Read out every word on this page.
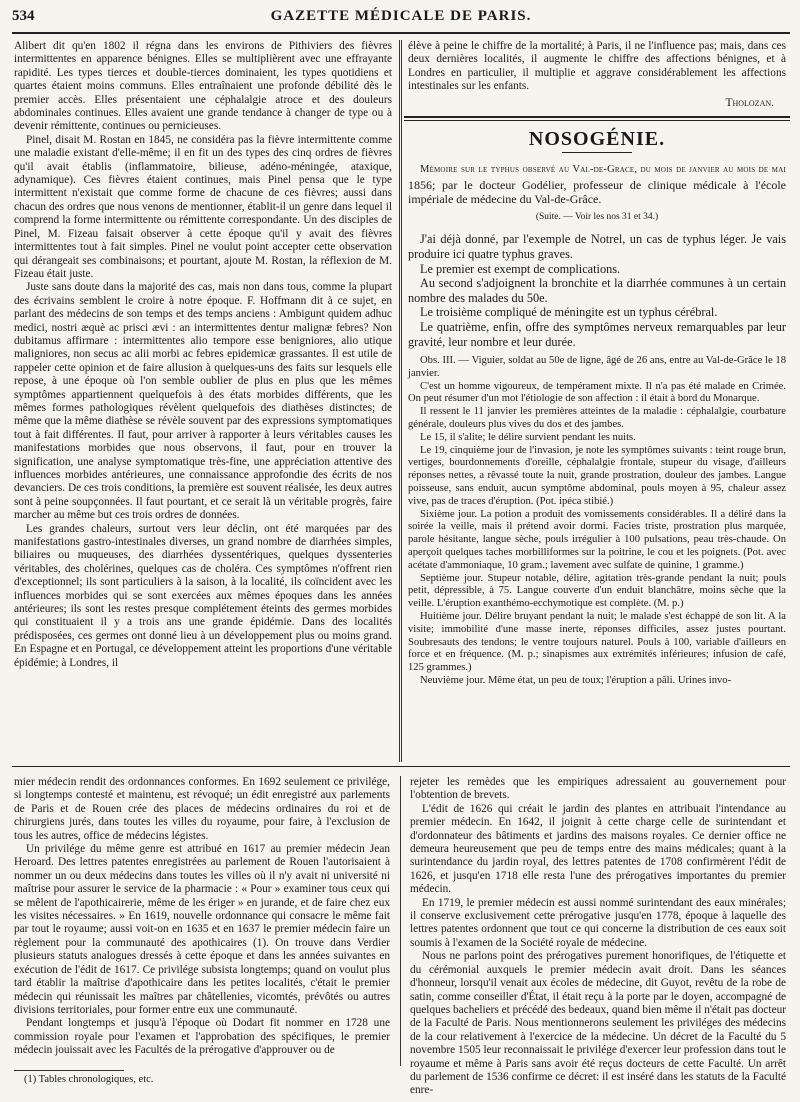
534	GAZETTE MÉDICALE DE PARIS.

Alibert dit qu'en 1802 il régna dans les environs de Pithiviers des fièvres intermittentes en apparence bénignes. Elles se multiplièrent avec une effrayante rapidité. Les types tierces et double-tierces dominaient, les types quotidiens et quartes étaient moins communs. Elles entraînaient une profonde débilité dès le premier accès. Elles présentaient une céphalalgie atroce et des douleurs abdominales continues. Elles avaient une grande tendance à changer de type ou à devenir rémittente, continues ou pernicieuses.

Pinel, disait M. Rostan en 1845, ne considéra pas la fièvre intermittente comme une maladie existant d'elle-même; il en fit un des types des cinq ordres de fièvres qu'il avait établis (inflammatoire, bilieuse, adéno-méningée, ataxique, adynamique). Ces fièvres étaient continues, mais Pinel pensa que le type intermittent n'existait que comme forme de chacune de ces fièvres; aussi dans chacun des ordres que nous venons de mentionner, établit-il un genre dans lequel il comprend la forme intermittente ou rémittente correspondante. Un des disciples de Pinel, M. Fizeau faisait observer à cette époque qu'il y avait des fièvres intermittentes tout à fait simples. Pinel ne voulut point accepter cette observation qui dérangeait ses combinaisons; et pourtant, ajoute M. Rostan, la réflexion de M. Fizeau était juste.

Juste sans doute dans la majorité des cas, mais non dans tous, comme la plupart des écrivains semblent le croire à notre époque. F. Hoffmann dit à ce sujet, en parlant des médecins de son temps et des temps anciens : Ambigunt quidem adhuc medici, nostri æquè ac prisci ævi : an intermittentes dentur malignæ febres? Non dubitamus affirmare : intermittentes alio tempore esse benigniores, alio utique maligniores, non secus ac alii morbi ac febres epidemicæ grassantes. Il est utile de rappeler cette opinion et de faire allusion à quelques-uns des faits sur lesquels elle repose, à une époque où l'on semble oublier de plus en plus que les mêmes symptômes appartiennent quelquefois à des états morbides différents, que les mêmes formes pathologiques révèlent quelquefois des diathèses distinctes; de même que la même diathèse se révèle souvent par des expressions symptomatiques tout à fait différentes. Il faut, pour arriver à rapporter à leurs véritables causes les manifestations morbides que nous observons, il faut, pour en trouver la signification, une analyse symptomatique très-fine, une appréciation attentive des influences morbides antérieures, une connaissance approfondie des écrits de nos devanciers. De ces trois conditions, la première est souvent réalisée, les deux autres sont à peine soupçonnées. Il faut pourtant, et ce serait là un véritable progrès, faire marcher au même but ces trois ordres de données.

Les grandes chaleurs, surtout vers leur déclin, ont été marquées par des manifestations gastro-intestinales diverses, un grand nombre de diarrhées simples, biliaires ou muqueuses, des diarrhées dyssentériques, quelques dyssenteries véritables, des cholérines, quelques cas de choléra. Ces symptômes n'offrent rien d'exceptionnel; ils sont particuliers à la saison, à la localité, ils coïncident avec les influences morbides qui se sont exercées aux mêmes époques dans les années antérieures; ils sont les restes presque complétement éteints des germes morbides qui constituaient il y a trois ans une grande épidémie. Dans des localités prédisposées, ces germes ont donné lieu à un développement plus ou moins grand. En Espagne et en Portugal, ce développement atteint les proportions d'une véritable épidémie; à Londres, il

élève à peine le chiffre de la mortalité; à Paris, il ne l'influence pas; mais, dans ces deux dernières localités, il augmente le chiffre des affections bénignes, et à Londres en particulier, il multiplie et aggrave considérablement les affections intestinales sur les enfants.

Tholozan.
NOSOGÉNIE.
Mémoire sur le typhus observé au Val-de-Grace, du mois de janvier au mois de mai 1856; par le docteur Godélier, professeur de clinique médicale à l'école impériale de médecine du Val-de-Grâce.
(Suite. — Voir les nos 31 et 34.)

J'ai déjà donné, par l'exemple de Notrel, un cas de typhus léger. Je vais produire ici quatre typhus graves.

Le premier est exempt de complications.

Au second s'adjoignent la bronchite et la diarrhée communes à un certain nombre des malades du 50e.

Le troisième compliqué de méningite est un typhus cérébral.

Le quatrième, enfin, offre des symptômes nerveux remarquables par leur gravité, leur nombre et leur durée.

Obs. III. — Viguier, soldat au 50e de ligne, âgé de 26 ans, entre au Val-de-Grâce le 18 janvier.

C'est un homme vigoureux, de tempérament mixte. Il n'a pas été malade en Crimée. On peut résumer d'un mot l'étiologie de son affection : il était à bord du Monarque.

Il ressent le 11 janvier les premières atteintes de la maladie : céphalalgie, courbature générale, douleurs plus vives du dos et des jambes.

Le 15, il s'alite; le délire survient pendant les nuits.

Le 19, cinquième jour de l'invasion, je note les symptômes suivants : teint rouge brun, vertiges, bourdonnements d'oreille, céphalalgie frontale, stupeur du visage, d'ailleurs réponses nettes, a rêvassé toute la nuit, grande prostration, douleur des jambes. Langue poisseuse, sans enduit, aucun symptôme abdominal, pouls moyen à 95, chaleur assez vive, pas de traces d'éruption. (Pot. ipéca stibié.)

Sixième jour. La potion a produit des vomissements considérables. Il a déliré dans la soirée la veille, mais il prétend avoir dormi. Facies triste, prostration plus marquée, parole hésitante, langue sèche, pouls irrégulier à 100 pulsations, peau très-chaude. On aperçoit quelques taches morbilliformes sur la poitrine, le cou et les poignets. (Pot. avec acétate d'ammoniaque, 10 gram.; lavement avec sulfate de quinine, 1 gramme.)

Septième jour. Stupeur notable, délire, agitation très-grande pendant la nuit; pouls petit, dépressible, à 75. Langue couverte d'un enduit blanchâtre, moins sèche que la veille. L'éruption exanthémo-ecchymotique est complète. (M. p.)

Huitième jour. Délire bruyant pendant la nuit; le malade s'est échappé de son lit. A la visite; immobilité d'une masse inerte, réponses difficiles, assez justes pourtant. Soubresauts des tendons; le ventre toujours naturel. Pouls à 100, variable d'ailleurs en force et en fréquence. (M. p.; sinapismes aux extrémités inférieures; infusion de café, 125 grammes.)

Neuvième jour. Même état, un peu de toux; l'éruption a pâli. Urines invo-

mier médecin rendit des ordonnances conformes. En 1692 seulement ce privilége, si longtemps contesté et maintenu, est révoqué; un édit enregistré aux parlements de Paris et de Rouen crée des places de médecins ordinaires du roi et de chirurgiens jurés, dans toutes les villes du royaume, pour faire, à l'exclusion de tous les autres, office de médecins légistes.

Un privilége du même genre est attribué en 1617 au premier médecin Jean Heroard. Des lettres patentes enregistrées au parlement de Rouen l'autorisaient à nommer un ou deux médecins dans toutes les villes où il n'y avait ni université ni maîtrise pour assurer le service de la pharmacie : « Pour » examiner tous ceux qui se mêlent de l'apothicairerie, même de les ériger » en jurande, et de faire chez eux les visites nécessaires. » En 1619, nouvelle ordonnance qui consacre le même fait par tout le royaume; aussi voit-on en 1635 et en 1637 le premier médecin faire un règlement pour la communauté des apothicaires (1). On trouve dans Verdier plusieurs statuts analogues dressés à cette époque et dans les années suivantes en exécution de l'édit de 1617. Ce privilége subsista longtemps; quand on voulut plus tard établir la maîtrise d'apothicaire dans les petites localités, c'était le premier médecin qui réunissait les maîtres par châtellenies, vicomtés, prévôtés ou autres divisions territoriales, pour former entre eux une communauté.

Pendant longtemps et jusqu'à l'époque où Dodart fit nommer en 1728 une commission royale pour l'examen et l'approbation des spécifiques, le premier médecin jouissait avec les Facultés de la prérogative d'approuver ou de

rejeter les remèdes que les empiriques adressaient au gouvernement pour l'obtention de brevets.

L'édit de 1626 qui créait le jardin des plantes en attribuait l'intendance au premier médecin. En 1642, il joignit à cette charge celle de surintendant et d'ordonnateur des bâtiments et jardins des maisons royales. Ce dernier office ne demeura heureusement que peu de temps entre des mains médicales; quant à la surintendance du jardin royal, des lettres patentes de 1708 confirmèrent l'édit de 1626, et jusqu'en 1718 elle resta l'une des prérogatives importantes du premier médecin.

En 1719, le premier médecin est aussi nommé surintendant des eaux minérales; il conserve exclusivement cette prérogative jusqu'en 1778, époque à laquelle des lettres patentes ordonnent que tout ce qui concerne la distribution de ces eaux soit soumis à l'examen de la Société royale de médecine.

Nous ne parlons point des prérogatives purement honorifiques, de l'étiquette et du cérémonial auxquels le premier médecin avait droit. Dans les séances d'honneur, lorsqu'il venait aux écoles de médecine, dit Guyot, revêtu de la robe de satin, comme conseiller d'État, il était reçu à la porte par le doyen, accompagné de quelques bacheliers et précédé des bedeaux, quand bien même il n'était pas docteur de la Faculté de Paris. Nous mentionnerons seulement les priviléges des médecins de la cour relativement à l'exercice de la médecine. Un décret de la Faculté du 5 novembre 1505 leur reconnaissait le privilége d'exercer leur profession dans tout le royaume et même à Paris sans avoir été reçus docteurs de cette Faculté. Un arrêt du parlement de 1536 confirme ce décret: il est inséré dans les statuts de la Faculté enre-

(1) Tables chronologiques, etc.
